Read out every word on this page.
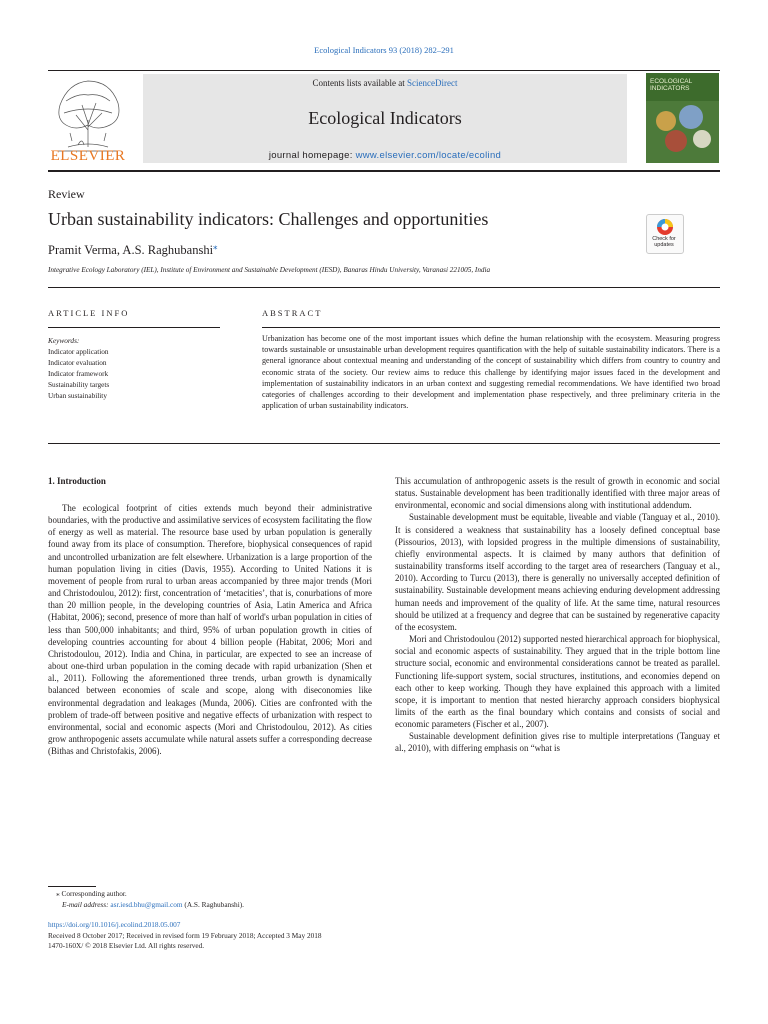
Ecological Indicators 93 (2018) 282–291
ELSEVIER
Contents lists available at ScienceDirect
Ecological Indicators
journal homepage: www.elsevier.com/locate/ecolind
ECOLOGICAL INDICATORS
Review
Urban sustainability indicators: Challenges and opportunities
Pramit Verma, A.S. Raghubanshi⁎
Integrative Ecology Laboratory (IEL), Institute of Environment and Sustainable Development (IESD), Banaras Hindu University, Varanasi 221005, India
Check for updates
ARTICLE INFO	ABSTRACT
Keywords:
Indicator application
Indicator evaluation
Indicator framework
Sustainability targets
Urban sustainability
Urbanization has become one of the most important issues which define the human relationship with the ecosystem. Measuring progress towards sustainable or unsustainable urban development requires quantification with the help of suitable sustainability indicators. There is a general ignorance about contextual meaning and understanding of the concept of sustainability which differs from country to country and economic strata of the society. Our review aims to reduce this challenge by identifying major issues faced in the development and implementation of sustainability indicators in an urban context and suggesting remedial recommendations. We have identified two broad categories of challenges according to their development and implementation phase respectively, and three preliminary criteria in the application of urban sustainability indicators.
1. Introduction

The ecological footprint of cities extends much beyond their administrative boundaries, with the productive and assimilative services of ecosystem facilitating the flow of energy as well as material. The resource base used by urban population is generally found away from its place of consumption. Therefore, biophysical consequences of rapid and uncontrolled urbanization are felt elsewhere. Urbanization is a large proportion of the human population living in cities (Davis, 1955). According to United Nations it is movement of people from rural to urban areas accompanied by three major trends (Mori and Christodoulou, 2012): first, concentration of ‘metacities’, that is, conurbations of more than 20 million people, in the developing countries of Asia, Latin America and Africa (Habitat, 2006); second, presence of more than half of world's urban population in cities of less than 500,000 inhabitants; and third, 95% of urban population growth in cities of developing countries accounting for about 4 billion people (Habitat, 2006; Mori and Christodoulou, 2012). India and China, in particular, are expected to see an increase of about one-third urban population in the coming decade with rapid urbanization (Shen et al., 2011). Following the aforementioned three trends, urban growth is dynamically balanced between economies of scale and scope, along with diseconomies like environmental degradation and leakages (Munda, 2006). Cities are confronted with the problem of trade-off between positive and negative effects of urbanization with respect to environmental, social and economic aspects (Mori and Christodoulou, 2012). As cities grow anthropogenic assets accumulate while natural assets suffer a corresponding decrease (Bithas and Christofakis, 2006).

This accumulation of anthropogenic assets is the result of growth in economic and social status. Sustainable development has been traditionally identified with three major areas of environmental, economic and social dimensions along with institutional addendum.

Sustainable development must be equitable, liveable and viable (Tanguay et al., 2010). It is considered a weakness that sustainability has a loosely defined conceptual base (Pissourios, 2013), with lopsided progress in the multiple dimensions of sustainability, chiefly environmental aspects. It is claimed by many authors that definition of sustainability transforms itself according to the target area of researchers (Tanguay et al., 2010). According to Turcu (2013), there is generally no universally accepted definition of sustainability. Sustainable development means achieving enduring development addressing human needs and improvement of the quality of life. At the same time, natural resources should be utilized at a frequency and degree that can be sustained by regenerative capacity of the ecosystem.

Mori and Christodoulou (2012) supported nested hierarchical approach for biophysical, social and economic aspects of sustainability. They argued that in the triple bottom line structure social, economic and environmental considerations cannot be treated as parallel. Functioning life-support system, social structures, institutions, and economies depend on each other to keep working. Though they have explained this approach with a limited scope, it is important to mention that nested hierarchy approach considers biophysical limits of the earth as the final boundary which contains and consists of social and economic parameters (Fischer et al., 2007).

Sustainable development definition gives rise to multiple interpretations (Tanguay et al., 2010), with differing emphasis on “what is

⁎ Corresponding author.
E-mail address: asr.iesd.bhu@gmail.com (A.S. Raghubanshi).
https://doi.org/10.1016/j.ecolind.2018.05.007
Received 8 October 2017; Received in revised form 19 February 2018; Accepted 3 May 2018
1470-160X/ © 2018 Elsevier Ltd. All rights reserved.
